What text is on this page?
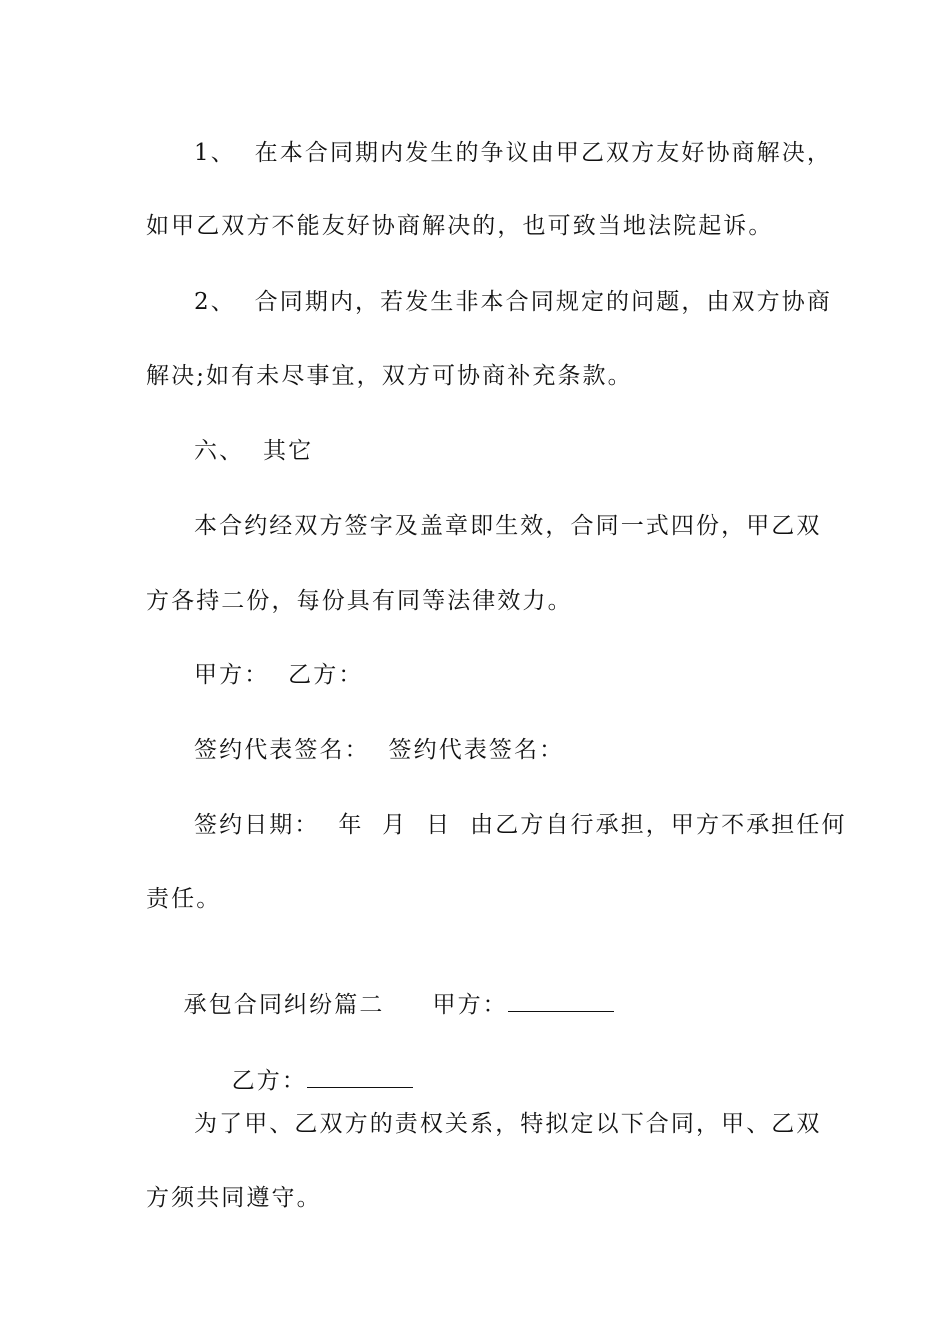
1、  在本合同期内发生的争议由甲乙双方友好协商解决，
如甲乙双方不能友好协商解决的，也可致当地法院起诉。
2、  合同期内，若发生非本合同规定的问题，由双方协商
解决;如有未尽事宜，双方可协商补充条款。
六、  其它
本合约经双方签字及盖章即生效，合同一式四份，甲乙双
方各持二份，每份具有同等法律效力。
甲方：  乙方：
签约代表签名：  签约代表签名：
签约日期：  年  月  日  由乙方自行承担，甲方不承担任何
责任。

承包合同纠纷篇二 甲方：

乙方：

为了甲、乙双方的责权关系，特拟定以下合同，甲、乙双
方须共同遵守。
